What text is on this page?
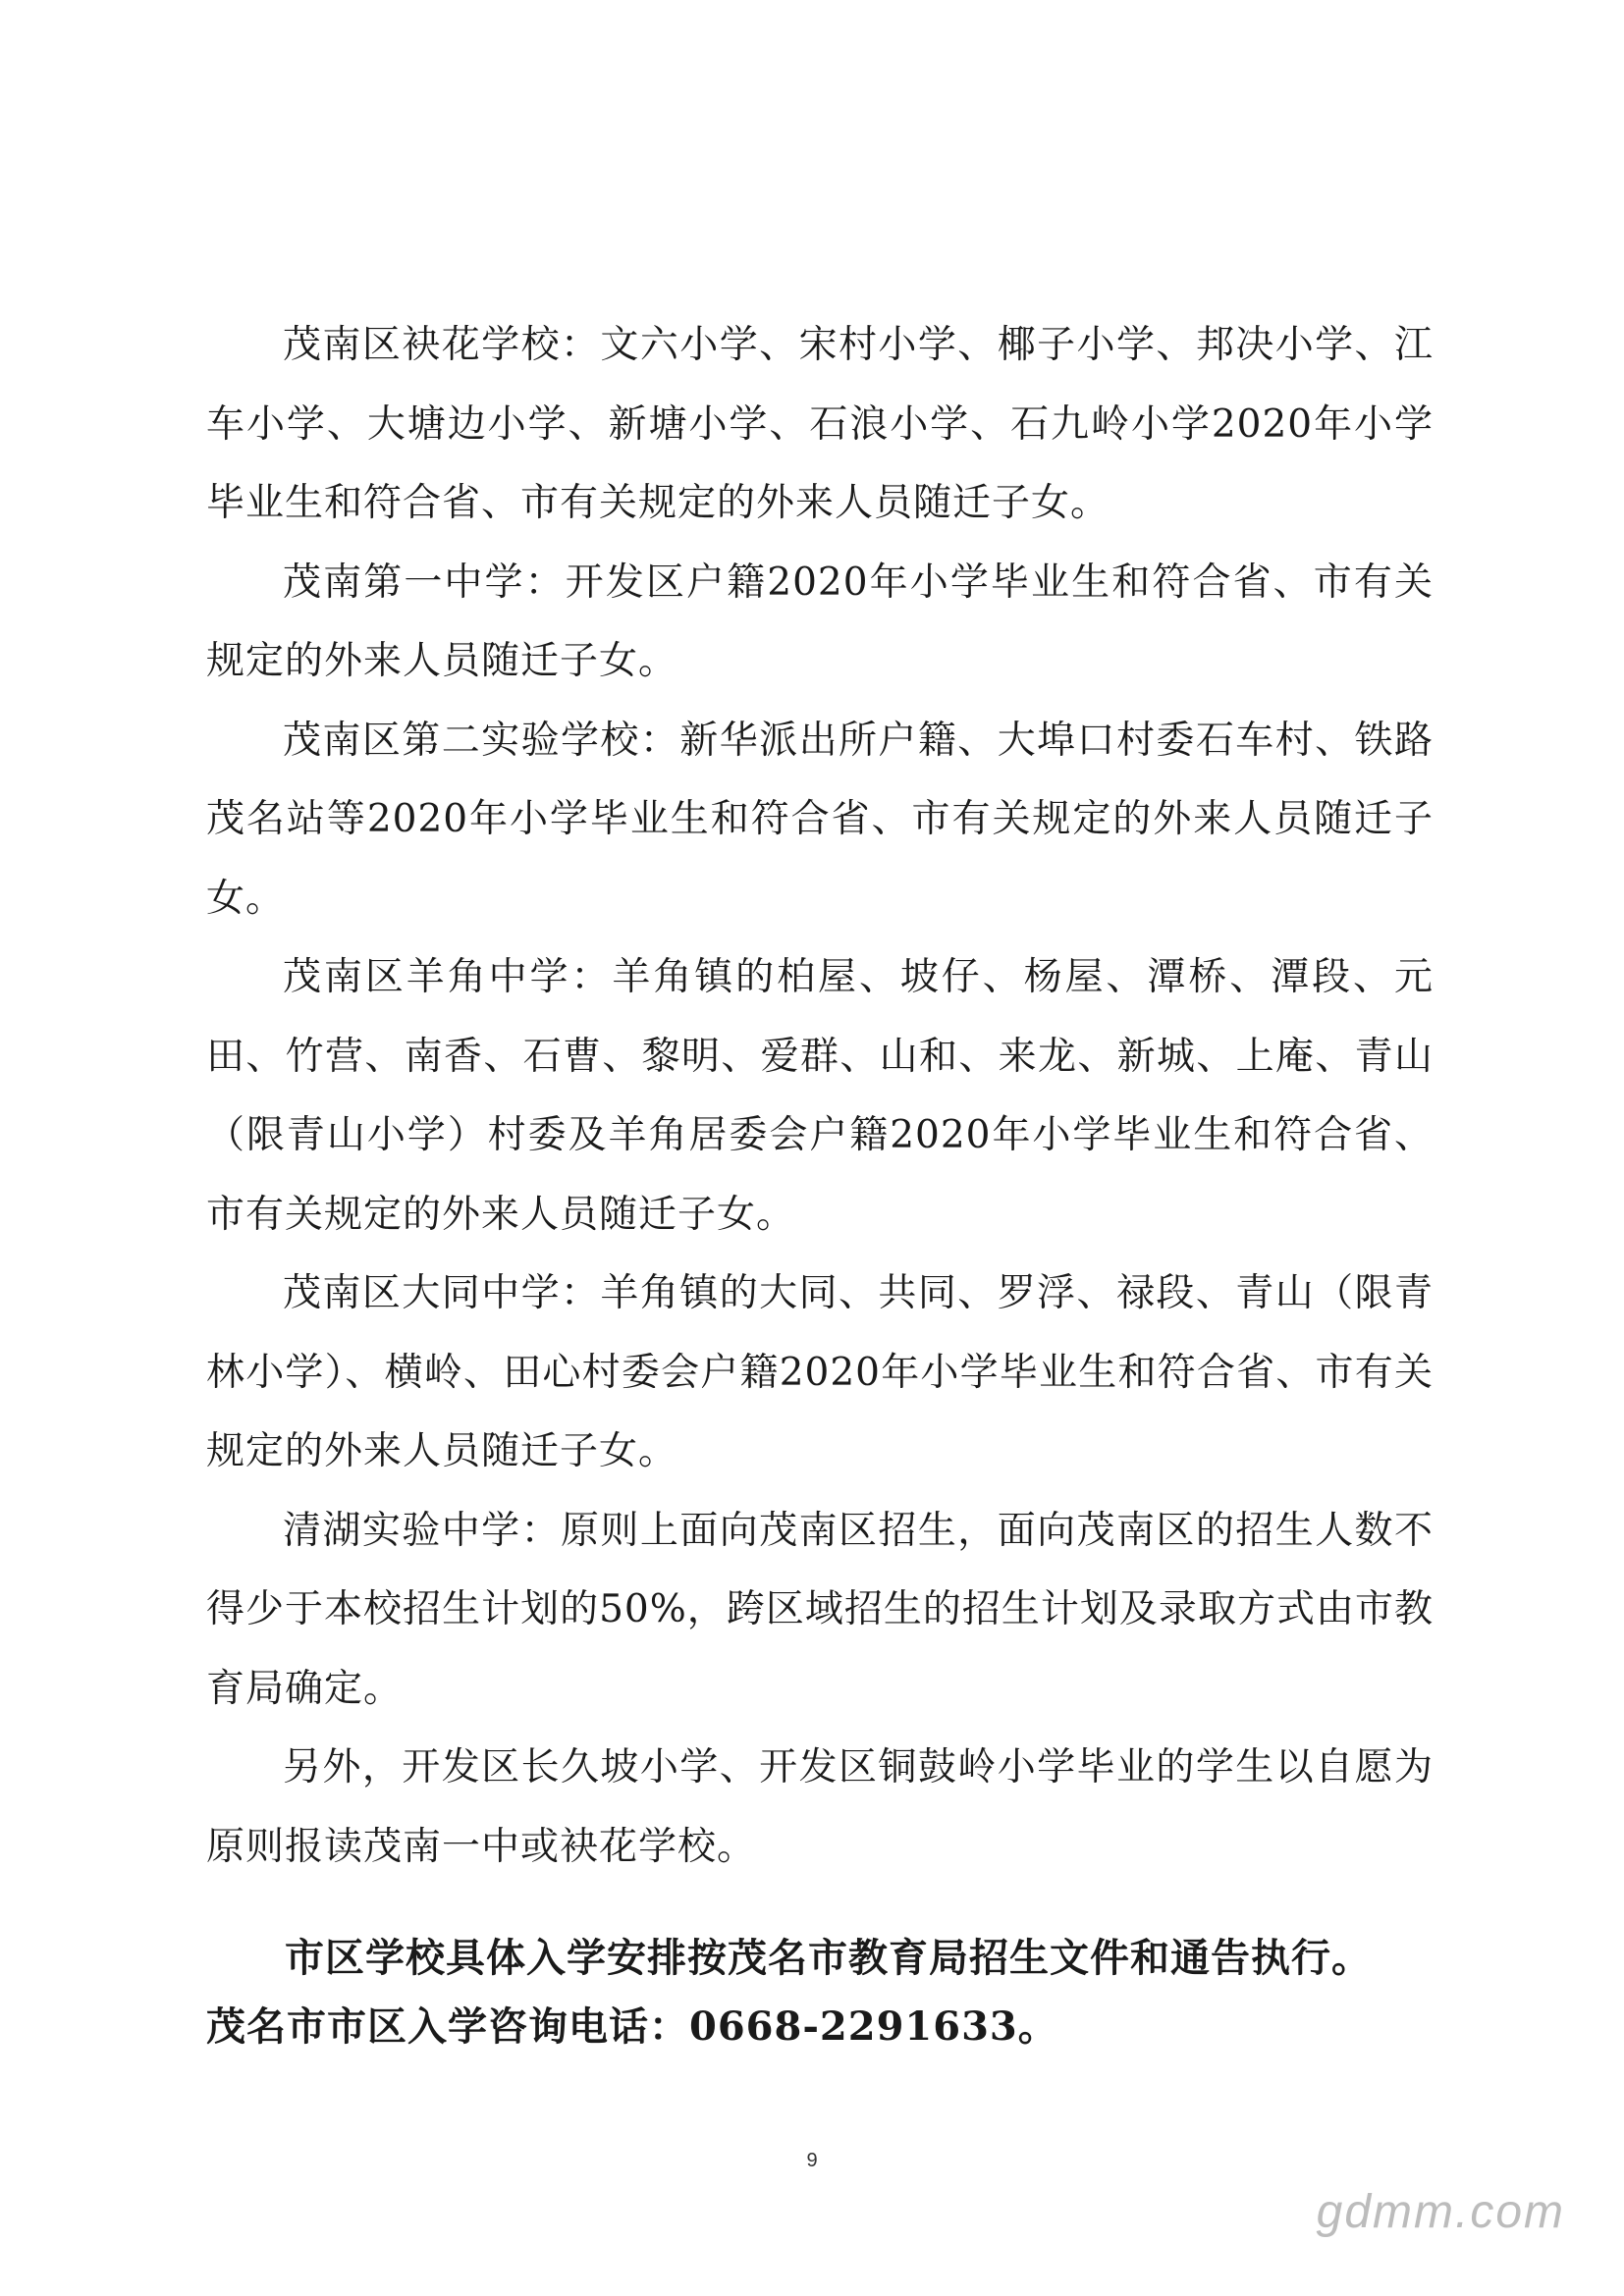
茂南区袂花学校：文六小学、宋村小学、椰子小学、邦决小学、江车小学、大塘边小学、新塘小学、石浪小学、石九岭小学2020年小学毕业生和符合省、市有关规定的外来人员随迁子女。

茂南第一中学：开发区户籍2020年小学毕业生和符合省、市有关规定的外来人员随迁子女。

茂南区第二实验学校：新华派出所户籍、大埠口村委石车村、铁路茂名站等2020年小学毕业生和符合省、市有关规定的外来人员随迁子女。

茂南区羊角中学：羊角镇的柏屋、坡仔、杨屋、潭桥、潭段、元田、竹营、南香、石曹、黎明、爱群、山和、来龙、新城、上庵、青山（限青山小学）村委及羊角居委会户籍2020年小学毕业生和符合省、市有关规定的外来人员随迁子女。

茂南区大同中学：羊角镇的大同、共同、罗浮、禄段、青山（限青林小学）、横岭、田心村委会户籍2020年小学毕业生和符合省、市有关规定的外来人员随迁子女。

清湖实验中学：原则上面向茂南区招生，面向茂南区的招生人数不得少于本校招生计划的50%，跨区域招生的招生计划及录取方式由市教育局确定。

另外，开发区长久坡小学、开发区铜鼓岭小学毕业的学生以自愿为原则报读茂南一中或袂花学校。

市区学校具体入学安排按茂名市教育局招生文件和通告执行。

茂名市市区入学咨询电话：0668-2291633。

9
gdmm.com
